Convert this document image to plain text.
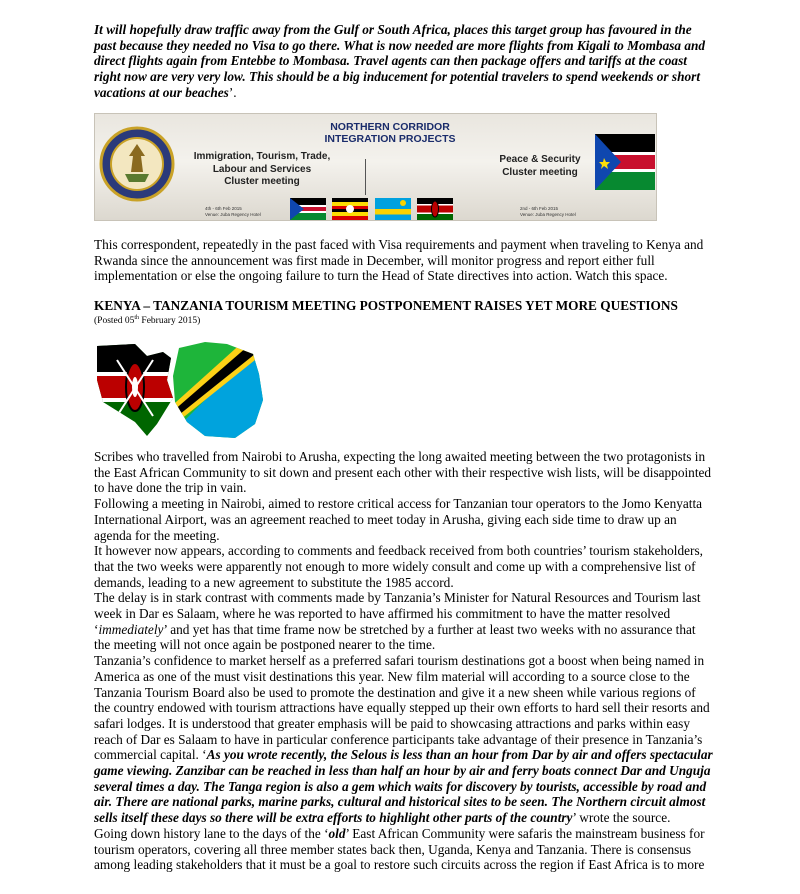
It will hopefully draw traffic away from the Gulf or South Africa, places this target group has favoured in the past because they needed no Visa to go there. What is now needed are more flights from Kigali to Mombasa and direct flights again from Entebbe to Mombasa. Travel agents can then package offers and tariffs at the coast right now are very very low. This should be a big inducement for potential travelers to spend weekends or short vacations at our beaches’.

NORTHERN CORRIDOR
INTEGRATION PROJECTS
Immigration, Tourism, Trade,
Labour and Services
Cluster meeting
4th - 6th Feb 2015
Venue: Juba Regency Hotel
Peace & Security
Cluster meeting
2nd - 6th Feb 2015
Venue: Juba Regency Hotel

This correspondent, repeatedly in the past faced with Visa requirements and payment when traveling to Kenya and Rwanda since the announcement was first made in December, will monitor progress and report either full implementation or else the ongoing failure to turn the Head of State directives into action. Watch this space.

KENYA – TANZANIA TOURISM MEETING POSTPONEMENT RAISES YET MORE QUESTIONS
(Posted 05th February 2015)

Scribes who travelled from Nairobi to Arusha, expecting the long awaited meeting between the two protagonists in the East African Community to sit down and present each other with their respective wish lists, will be disappointed to have done the trip in vain.

Following a meeting in Nairobi, aimed to restore critical access for Tanzanian tour operators to the Jomo Kenyatta International Airport, was an agreement reached to meet today in Arusha, giving each side time to draw up an agenda for the meeting.

It however now appears, according to comments and feedback received from both countries’ tourism stakeholders, that the two weeks were apparently not enough to more widely consult and come up with a comprehensive list of demands, leading to a new agreement to substitute the 1985 accord.

The delay is in stark contrast with comments made by Tanzania’s Minister for Natural Resources and Tourism last week in Dar es Salaam, where he was reported to have affirmed his commitment to have the matter resolved ‘immediately’ and yet has that time frame now be stretched by a further at least two weeks with no assurance that the meeting will not once again be postponed nearer to the time.

Tanzania’s confidence to market herself as a preferred safari tourism destinations got a boost when being named in America as one of the must visit destinations this year. New film material will according to a source close to the Tanzania Tourism Board also be used to promote the destination and give it a new sheen while various regions of the country endowed with tourism attractions have equally stepped up their own efforts to hard sell their resorts and safari lodges. It is understood that greater emphasis will be paid to showcasing attractions and parks within easy reach of Dar es Salaam to have in particular conference participants take advantage of their presence in Tanzania’s commercial capital. ‘As you wrote recently, the Selous is less than an hour from Dar by air and offers spectacular game viewing. Zanzibar can be reached in less than half an hour by air and ferry boats connect Dar and Unguja several times a day. The Tanga region is also a gem which waits for discovery by tourists, accessible by road and air. There are national parks, marine parks, cultural and historical sites to be seen. The Northern circuit almost sells itself these days so there will be extra efforts to highlight other parts of the country’ wrote the source.

Going down history lane to the days of the ‘old’ East African Community were safaris the mainstream business for tourism operators, covering all three member states back then, Uganda, Kenya and Tanzania. There is consensus among leading stakeholders that it must be a goal to restore such circuits across the region if East Africa is to more
